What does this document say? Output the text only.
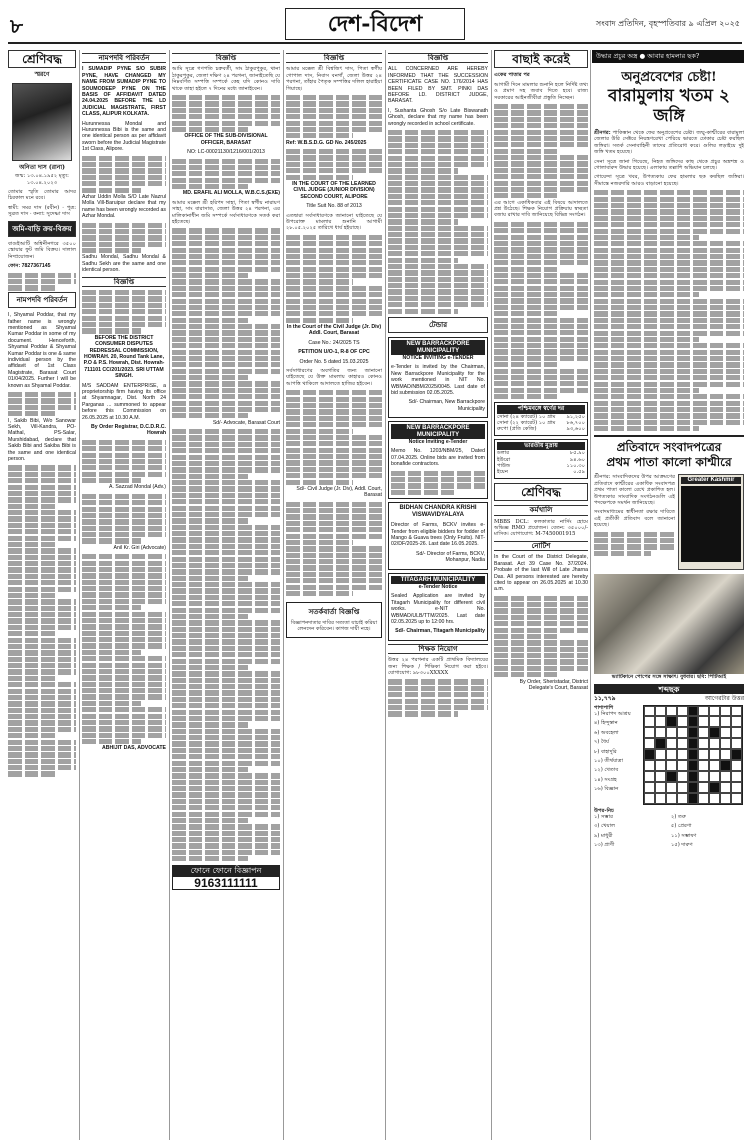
৮	দেশ-বিদেশ	সংবাদ প্রতিদিন, বৃহস্পতিবার ৯ এপ্রিল ২০২৫
শ্রেণিবদ্ধ
স্মরণে
অনিতা দাস (রানা)
জন্ম: ১৩.০৪.১৯৫২ মৃত্যু: ১৩.০৪.২০২৩
তোমার স্মৃতি তোমার আদর চিরকাল মনে রবে।
স্বামী: সমর দাস (রবীন) · পুত্র: সুব্রত দাস · কন্যা: সুদেষ্ণা দাস
জমি-বাড়ি ক্রয়-বিক্রয়
বাগুইআটি অশ্বিনীনগরে ৩৫০০ স্কোয়ার ফুট জমি বিক্রয়। দালাল নিষ্প্রয়োজন।
ফোন: 7827367145
নামপদবি পরিবর্তন
I, Shyamal Poddar, that my father name is wrongly mentioned as Shyamal Kumar Poddar in some of my document. Henceforth, Shyamal Poddar & Shyamal Kumar Poddar is one & same individual person by the affidavit of 1st Class Magistrate, Barasat Court 01/04/2025. Further I will be known as Shyamal Poddar.
I, Sakib Bibi, W/o Sanowar Sekh, Vill-Kandra, PO-Mathal, PS-Salar, Murshidabad, declare that Sakib Bibi and Sakiba Bibi is the same and one identical person.
নামপদবি পরিবর্তন
I SUMADIP PYNE S/O SUBIR PYNE, HAVE CHANGED MY NAME FROM SUMADIP PYNE TO SOUMODEEP PYNE ON THE BASIS OF AFFIDAVIT DATED 24.04.2025 BEFORE THE LD JUDICIAL MAGISTRATE, FIRST CLASS, ALIPUR KOLKATA.
Hurunnessa Mondal and Hurunnessa Bibi is the same and one identical person as per affidavit sworn before the Judicial Magistrate 1st Class, Alipore.
Azhar Uddin Molla S/O Late Nazrul Molla Vill-Baruipur declare that my name has been wrongly recorded as Azhar Mondal.
Sadhu Mondal, Sadhu Mondal & Sadhu Sekh are the same and one identical person.
বিজ্ঞপ্তি
BEFORE THE DISTRICT CONSUMER DISPUTES REDRESSAL COMMISSION, HOWRAH. 20, Round Tank Lane, P.O & P.S. Howrah, Dist. Howrah-711101 CC/201/2023. SRI UTTAM SINGH.
M/S SADDAM ENTERPRISE, a proprietorship firm having its office at Shyamnagar, Dist. North 24 Parganas ... summoned to appear before this Commission on 26.05.2025 at 10.30 A.M.
By Order Registrar, D.C.D.R.C. Howrah
A. Sazzad Mondal (Adv.)
Anil Kr. Giri (Advocate)
ABHIJIT DAS, ADVOCATE
বিজ্ঞপ্তি
আমি সূত্রে গণপতি চক্রবর্তী, সাং ঠাকুরপুকুর, থানা ঠাকুরপুকুর, জেলা দক্ষিণ ২৪ পরগনা, জানাইতেছি যে নিম্নবর্ণিত সম্পত্তি সম্পর্কে কেহ যদি কোনও দাবি থাকে তাহা হইলে ৭ দিনের মধ্যে জানাইবেন।
OFFICE OF THE SUB-DIVISIONAL OFFICER, BARASAT
NO: LC-00021130/1216/001/2013
MD. ERAFIL ALI MOLLA, W.B.C.S.(EXE)
আমার মক্কেল শ্রী হরিপদ সাহা, পিতা স্বর্গীয় নারায়ণ সাহা, সাং বারাসাত, জেলা উত্তর ২৪ পরগনা, এর মালিকানাধীন জমি সম্পর্কে সর্বসাধারণকে সতর্ক করা হইতেছে।
Sd/- Advocate, Barasat Court
ফোনে ফোনে বিজ্ঞাপন
9163111111
বিজ্ঞপ্তি
আমার মক্কেল শ্রী বিশ্বজিৎ দাস, পিতা স্বর্গীয় গোপাল দাস, নিবাস বনগাঁ, জেলা উত্তর ২৪ পরগনা, তাঁহার পৈতৃক সম্পত্তির দলিল হারাইয়া গিয়াছে।
Ref: W.B.S.D.G. GD No. 245/2025
IN THE COURT OF THE LEARNED CIVIL JUDGE (JUNIOR DIVISION) SECOND COURT, ALIPORE
Title Suit No. 88 of 2013
এতদ্বারা সর্বসাধারণকে জানানো যাইতেছে যে উপরোক্ত মামলার শুনানি আগামী ২৮.০৫.২০২৫ তারিখে ধার্য হইয়াছে।
In the Court of the Civil Judge (Jr. Div) Addl. Court, Barasat
Case No.: 24/2025 TS
PETITION U/O-1, R-8 OF CPC
Order No. 5 dated 15.03.2025
সর্বসাধারণের অবগতির জন্য জানানো যাইতেছে যে উক্ত মামলায় কাহারও কোনও আপত্তি থাকিলে আদালতে হাজির হইবেন।
Sd/- Civil Judge (Jr. Div), Addl. Court, Barasat
সতর্কবার্তা বিজ্ঞপ্তি
বিজ্ঞাপনদাতার দাবির সত্যতা যাচাই করিয়া লেনদেন করিবেন। কাগজ দায়ী নহে।
বিজ্ঞপ্তি
ALL CONCERNED ARE HEREBY INFORMED THAT THE SUCCESSION CERTIFICATE CASE NO. 176/2014 HAS BEEN FILED BY SMT. PINKI DAS BEFORE LD. DISTRICT JUDGE, BARASAT.
I, Sushanta Ghosh S/o Late Biswanath Ghosh, declare that my name has been wrongly recorded in school certificate.
টেন্ডার
NEW BARRACKPORE MUNICIPALITY
NOTICE INVITING e-TENDER
e-Tender is invited by the Chairman, New Barrackpore Municipality for the work mentioned in NIT No. WBMAD/NBM/2025/0045. Last date of bid submission 02.05.2025.
Sd/- Chairman, New Barrackpore Municipality
NEW BARRACKPORE MUNICIPALITY
Notice Inviting e-Tender
Memo No. 1203/NBM/25, Dated 07.04.2025. Online bids are invited from bonafide contractors.
BIDHAN CHANDRA KRISHI VISWAVIDYALAYA
Director of Farms, BCKV invites e-Tender from eligible bidders for fodder of Mango & Guava trees (Only Fruits). NIT-02/DF/2025-26. Last date 16.05.2025.
Sd/- Director of Farms, BCKV, Mohanpur, Nadia
TITAGARH MUNICIPALITY
e-Tender Notice
Sealed Application are invited by Titagarh Municipality for different civil works. e-NIT No. WBMAD/ULB/TTM/2025. Last date 02.05.2025 up to 12:00 hrs.
Sd/- Chairman, Titagarh Municipality
শিক্ষক নিয়োগ
উত্তর ২৪ পরগনার একটি প্রাথমিক বিদ্যালয়ের জন্য শিক্ষক / শিক্ষিকা নিয়োগ করা হইবে। যোগাযোগ: ৯৮৩০০XXXXX
বাছাই করেই
একের পাতার পর
আগামী দিনে মামলার শুনানি হলে নির্দিষ্ট তথ্য ও প্রমাণ সহ জবাব দিতে হবে। রাজ্য সরকারের আইনজীবীরা প্রস্তুতি নিচ্ছেন।
এর আগে একাধিকবার এই বিষয়ে আদালতে প্রশ্ন উঠেছে। শিক্ষক নিয়োগ প্রক্রিয়ায় স্বচ্ছতা বজায় রাখার দাবি জানিয়েছে বিভিন্ন সংগঠন।
পশ্চিমবঙ্গে স্বর্ণের দর
সোনা (২৪ ক্যারেট) ১০ গ্রাম ৯১,২৫০
সোনা (২২ ক্যারেট) ১০ গ্রাম ৮৬,৭০০
রুপো (প্রতি কেজি)	৯৩,৬০০
ভারতীয় মুদ্রায়
ডলার	৮৫.৯০
ইউরো	৯৪.৬০
পাউন্ড	১১০.৩০
ইয়েন	০.৫৯
শ্রেণিবদ্ধ
কর্মখালি
MBBS DCL: কলকাতার নার্সিং হোমে অভিজ্ঞ RMO প্রয়োজন। বেতন: ৩৫০০০/- মাসিক। যোগাযোগ: M-7450001915
নোটিশ
In the Court of the District Delegate, Barasat. Act 39 Case No. 37/2024. Probate of the last Will of Late Jharna Das. All persons interested are hereby cited to appear on 26.05.2025 at 10.30 a.m.
By Order, Sheristadar, District Delegate's Court, Barasat
উদ্ধার প্রচুর অস্ত্র ● আবার হামলার ছক?
অনুপ্রবেশের চেষ্টা!
বারামুলায় খতম ২ জঙ্গি
শ্রীনগর: পাকিস্তান থেকে ফের অনুপ্রবেশের চেষ্টা। জম্মু-কাশ্মীরের বারামুলা জেলার উরি সেক্টরে নিয়ন্ত্রণরেখা পেরিয়ে ভারতে ঢোকার চেষ্টা করছিল জঙ্গিরা। সতর্ক সেনাবাহিনী তাদের প্রতিরোধ করে। গুলির লড়াইয়ে দুই জঙ্গি খতম হয়েছে।
সেনা সূত্রে জানা গিয়েছে, নিহত জঙ্গিদের কাছ থেকে প্রচুর অস্ত্রশস্ত্র ও গোলাবারুদ উদ্ধার হয়েছে। এলাকায় তল্লাশি অভিযান চলছে।
গোয়েন্দা সূত্রে খবর, উপত্যকায় ফের হামলার ছক কষছিল জঙ্গিরা। সীমান্তে নজরদারি আরও বাড়ানো হয়েছে।
প্রতিবাদে সংবাদপত্রের
প্রথম পাতা কালো কাশ্মীরে
শ্রীনগর: সাংবাদিকদের উপর আক্রমণের প্রতিবাদে কাশ্মীরের একাধিক সংবাদপত্র প্রথম পাতা কালো রেখে প্রকাশিত হল। উপত্যকার সাংবাদিক সংগঠনগুলি এই পদক্ষেপকে সমর্থন জানিয়েছে।
সংবাদমাধ্যমের স্বাধীনতা রক্ষার দাবিতে এই প্রতীকী প্রতিবাদ বলে জানানো হয়েছে।
Greater Kashmir
ভ্যাটিকানে পোপের সঙ্গে সাক্ষাৎ। বুধবার। ছবি: পিটিআই
শব্দছক
১১,৭৭৯	আগেরটার উত্তর
পাশাপাশি
১) নিরাপদ আশ্রয়
৪) হিন্দুস্তান
৬) অবহেলা
৭) ধৈর্য
৮) বাহাদুরি
১০) তীর্থযাত্রা
১২) খেতাব
১৪) সংগ্রহ
১৬) বিজ্ঞান
উপর-নিচ
১) সম্ভার	২) তরু
৩) খেয়াল	৫) প্রেরণা
৯) মাধুরী	১১) সম্ভাষণ
১৩) প্রাণী	১৫) দারুণ
